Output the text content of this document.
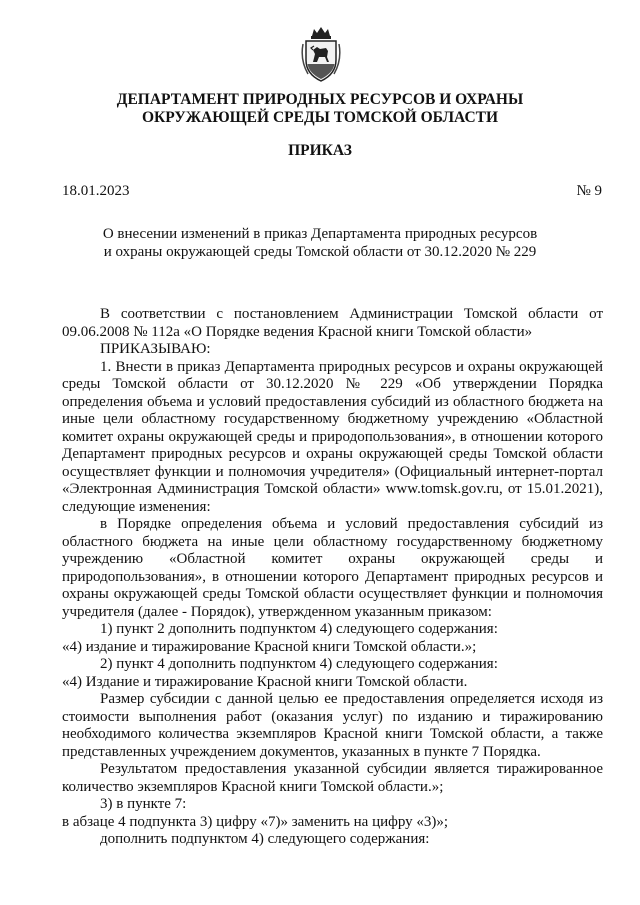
ДЕПАРТАМЕНТ ПРИРОДНЫХ РЕСУРСОВ И ОХРАНЫ
ОКРУЖАЮЩЕЙ СРЕДЫ ТОМСКОЙ ОБЛАСТИ
ПРИКАЗ
18.01.2023	№ 9
О внесении изменений в приказ Департамента природных ресурсов
и охраны окружающей среды Томской области от 30.12.2020 № 229

В соответствии с постановлением Администрации Томской области от 09.06.2008 № 112а «О Порядке ведения Красной книги Томской области»

ПРИКАЗЫВАЮ:

1. Внести в приказ Департамента природных ресурсов и охраны окружающей среды Томской области от 30.12.2020 № 229 «Об утверждении Порядка определения объема и условий предоставления субсидий из областного бюджета на иные цели областному государственному бюджетному учреждению «Областной комитет охраны окружающей среды и природопользования», в отношении которого Департамент природных ресурсов и охраны окружающей среды Томской области осуществляет функции и полномочия учредителя» (Официальный интернет-портал «Электронная Администрация Томской области» www.tomsk.gov.ru, от 15.01.2021), следующие изменения:

в Порядке определения объема и условий предоставления субсидий из областного бюджета на иные цели областному государственному бюджетному учреждению «Областной комитет охраны окружающей среды и природопользования», в отношении которого Департамент природных ресурсов и охраны окружающей среды Томской области осуществляет функции и полномочия учредителя (далее - Порядок), утвержденном указанным приказом:

1) пункт 2 дополнить подпунктом 4) следующего содержания:

«4) издание и тиражирование Красной книги Томской области.»;

2) пункт 4 дополнить подпунктом 4) следующего содержания:

«4) Издание и тиражирование Красной книги Томской области.

Размер субсидии с данной целью ее предоставления определяется исходя из стоимости выполнения работ (оказания услуг) по изданию и тиражированию необходимого количества экземпляров Красной книги Томской области, а также представленных учреждением документов, указанных в пункте 7 Порядка.

Результатом предоставления указанной субсидии является тиражированное количество экземпляров Красной книги Томской области.»;

3) в пункте 7:

в абзаце 4 подпункта 3) цифру «7)» заменить на цифру «3)»;

дополнить подпунктом 4) следующего содержания:
